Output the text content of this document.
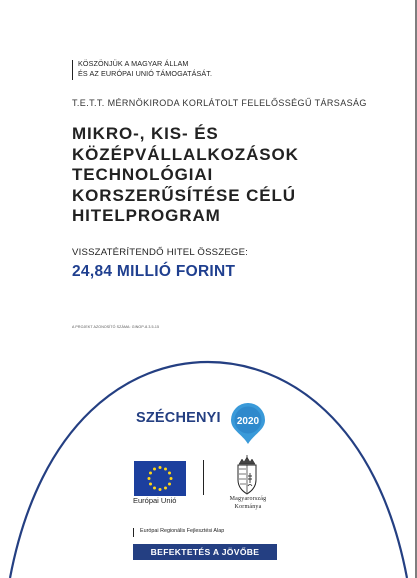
KÖSZÖNJÜK A MAGYAR ÁLLAM
ÉS AZ EURÓPAI UNIÓ TÁMOGATÁSÁT.
T.E.T.T. MÉRNÖKIRODA KORLÁTOLT FELELŐSSÉGŰ TÁRSASÁG
MIKRO-, KIS- ÉS
KÖZÉPVÁLLALKOZÁSOK
TECHNOLÓGIAI
KORSZERŰSÍTÉSE CÉLÚ
HITELPROGRAM
VISSZATÉRÍTENDŐ HITEL ÖSSZEGE:
24,84 MILLIÓ FORINT
A PROJEKT AZONOSÍTÓ SZÁMA: GINOP-8.3.5-15
SZÉCHENYI	2020
Európai Unió	Magyarország
Kormánya
Európai Regionális Fejlesztési Alap
BEFEKTETÉS A JÖVŐBE
